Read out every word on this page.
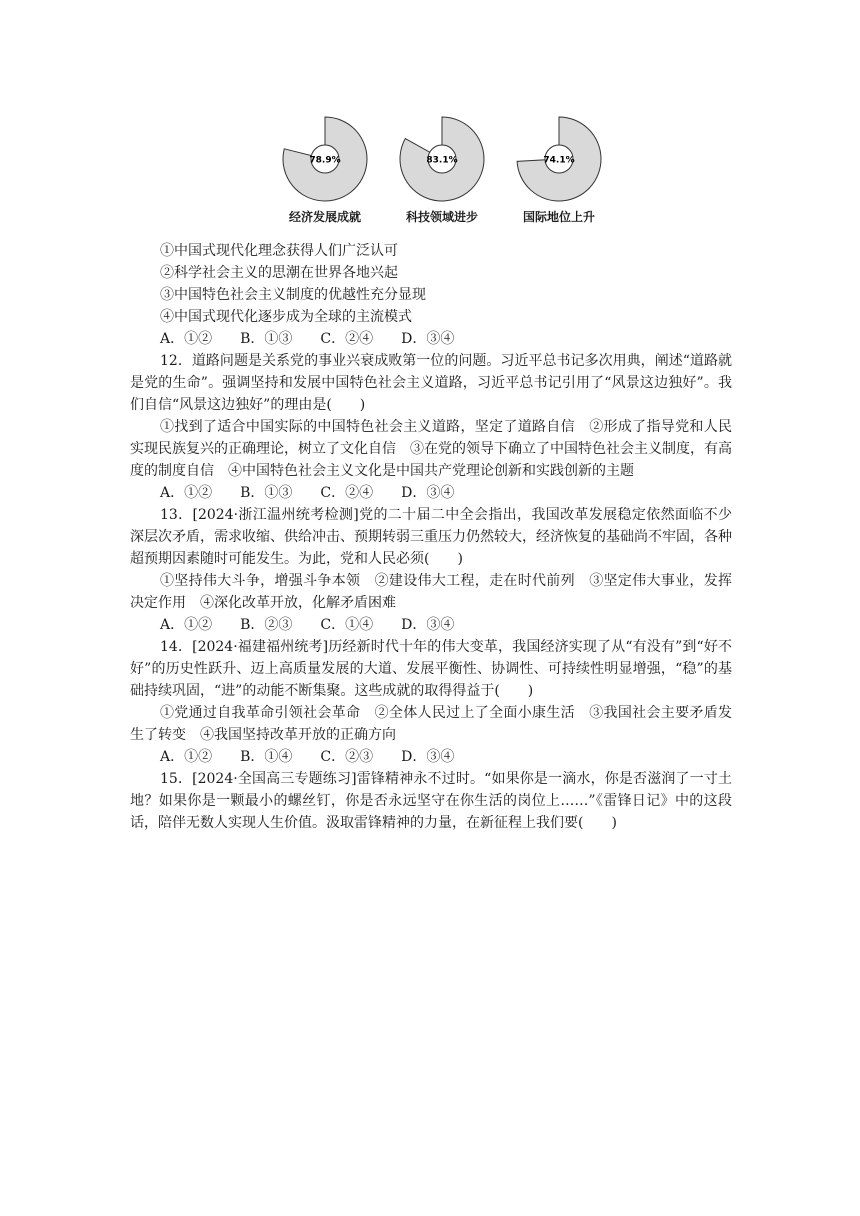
78.9%
经济发展成就
83.1%
科技领域进步
74.1%
国际地位上升
①中国式现代化理念获得人们广泛认可
②科学社会主义的思潮在世界各地兴起
③中国特色社会主义制度的优越性充分显现
④中国式现代化逐步成为全球的主流模式
A．①② B．①③ C．②④ D．③④
12．道路问题是关系党的事业兴衰成败第一位的问题。习近平总书记多次用典，阐述“道路就是党的生命”。强调坚持和发展中国特色社会主义道路，习近平总书记引用了“风景这边独好”。我们自信“风景这边独好”的理由是(　　)
①找到了适合中国实际的中国特色社会主义道路，坚定了道路自信　②形成了指导党和人民实现民族复兴的正确理论，树立了文化自信　③在党的领导下确立了中国特色社会主义制度，有高度的制度自信　④中国特色社会主义文化是中国共产党理论创新和实践创新的主题
A．①② B．①③ C．②④ D．③④
13．[2024·浙江温州统考检测]党的二十届二中全会指出，我国改革发展稳定依然面临不少深层次矛盾，需求收缩、供给冲击、预期转弱三重压力仍然较大，经济恢复的基础尚不牢固，各种超预期因素随时可能发生。为此，党和人民必须(　　)
①坚持伟大斗争，增强斗争本领　②建设伟大工程，走在时代前列　③坚定伟大事业，发挥决定作用　④深化改革开放，化解矛盾困难
A．①② B．②③ C．①④ D．③④
14．[2024·福建福州统考]历经新时代十年的伟大变革，我国经济实现了从“有没有”到“好不好”的历史性跃升、迈上高质量发展的大道、发展平衡性、协调性、可持续性明显增强，“稳”的基础持续巩固，“进”的动能不断集聚。这些成就的取得得益于(　　)
①党通过自我革命引领社会革命　②全体人民过上了全面小康生活　③我国社会主要矛盾发生了转变　④我国坚持改革开放的正确方向
A．①② B．①④ C．②③ D．③④
15．[2024·全国高三专题练习]雷锋精神永不过时。“如果你是一滴水，你是否滋润了一寸土地？如果你是一颗最小的螺丝钉，你是否永远坚守在你生活的岗位上……”《雷锋日记》中的这段话，陪伴无数人实现人生价值。汲取雷锋精神的力量，在新征程上我们要(　　)
